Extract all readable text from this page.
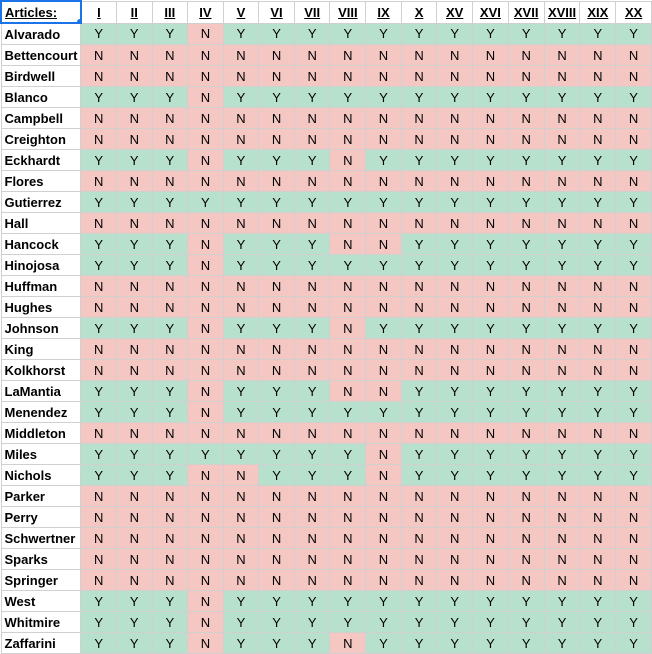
Articles:	I	II	III	IV	V	VI	VII	VIII	IX	X	XV	XVI	XVII	XVIII	XIX	XX
Alvarado	Y	Y	Y	N	Y	Y	Y	Y	Y	Y	Y	Y	Y	Y	Y	Y
Bettencourt	N	N	N	N	N	N	N	N	N	N	N	N	N	N	N	N
Birdwell	N	N	N	N	N	N	N	N	N	N	N	N	N	N	N	N
Blanco	Y	Y	Y	N	Y	Y	Y	Y	Y	Y	Y	Y	Y	Y	Y	Y
Campbell	N	N	N	N	N	N	N	N	N	N	N	N	N	N	N	N
Creighton	N	N	N	N	N	N	N	N	N	N	N	N	N	N	N	N
Eckhardt	Y	Y	Y	N	Y	Y	Y	N	Y	Y	Y	Y	Y	Y	Y	Y
Flores	N	N	N	N	N	N	N	N	N	N	N	N	N	N	N	N
Gutierrez	Y	Y	Y	Y	Y	Y	Y	Y	Y	Y	Y	Y	Y	Y	Y	Y
Hall	N	N	N	N	N	N	N	N	N	N	N	N	N	N	N	N
Hancock	Y	Y	Y	N	Y	Y	Y	N	N	Y	Y	Y	Y	Y	Y	Y
Hinojosa	Y	Y	Y	N	Y	Y	Y	Y	Y	Y	Y	Y	Y	Y	Y	Y
Huffman	N	N	N	N	N	N	N	N	N	N	N	N	N	N	N	N
Hughes	N	N	N	N	N	N	N	N	N	N	N	N	N	N	N	N
Johnson	Y	Y	Y	N	Y	Y	Y	N	Y	Y	Y	Y	Y	Y	Y	Y
King	N	N	N	N	N	N	N	N	N	N	N	N	N	N	N	N
Kolkhorst	N	N	N	N	N	N	N	N	N	N	N	N	N	N	N	N
LaMantia	Y	Y	Y	N	Y	Y	Y	N	N	Y	Y	Y	Y	Y	Y	Y
Menendez	Y	Y	Y	N	Y	Y	Y	Y	Y	Y	Y	Y	Y	Y	Y	Y
Middleton	N	N	N	N	N	N	N	N	N	N	N	N	N	N	N	N
Miles	Y	Y	Y	Y	Y	Y	Y	Y	N	Y	Y	Y	Y	Y	Y	Y
Nichols	Y	Y	Y	N	N	Y	Y	Y	N	Y	Y	Y	Y	Y	Y	Y
Parker	N	N	N	N	N	N	N	N	N	N	N	N	N	N	N	N
Perry	N	N	N	N	N	N	N	N	N	N	N	N	N	N	N	N
Schwertner	N	N	N	N	N	N	N	N	N	N	N	N	N	N	N	N
Sparks	N	N	N	N	N	N	N	N	N	N	N	N	N	N	N	N
Springer	N	N	N	N	N	N	N	N	N	N	N	N	N	N	N	N
West	Y	Y	Y	N	Y	Y	Y	Y	Y	Y	Y	Y	Y	Y	Y	Y
Whitmire	Y	Y	Y	N	Y	Y	Y	Y	Y	Y	Y	Y	Y	Y	Y	Y
Zaffarini	Y	Y	Y	N	Y	Y	Y	N	Y	Y	Y	Y	Y	Y	Y	Y
